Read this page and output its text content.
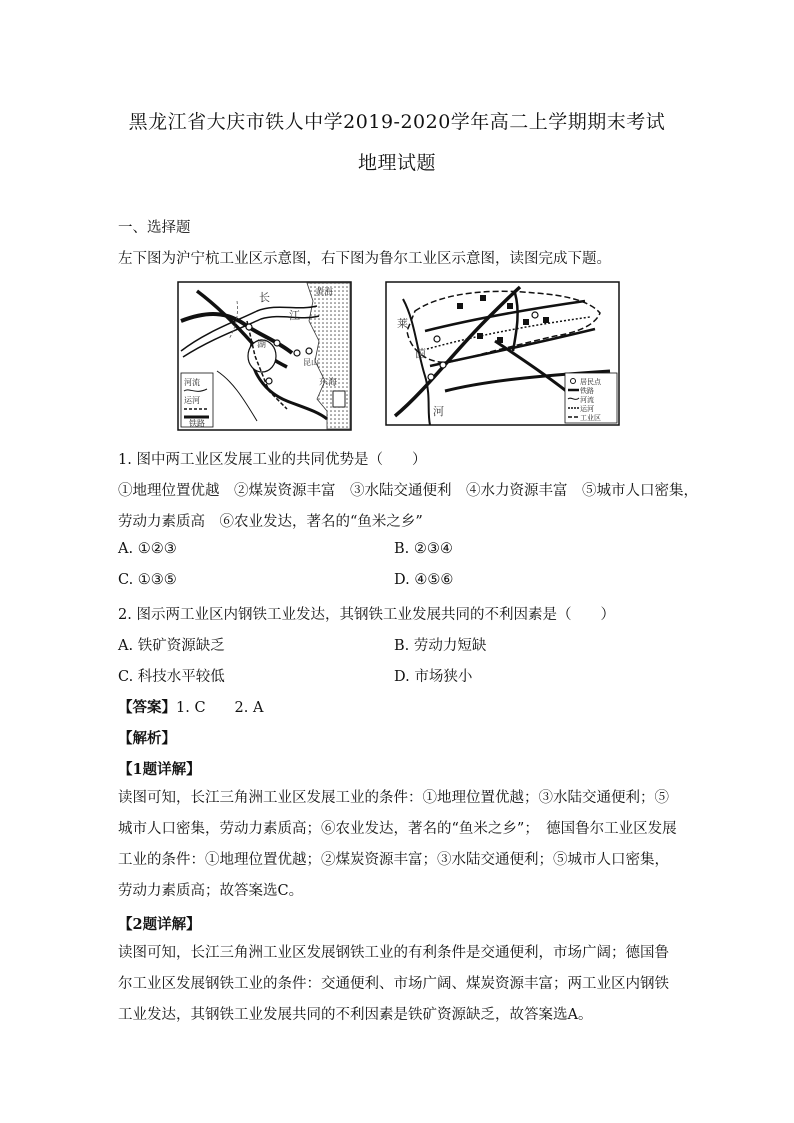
黑龙江省大庆市铁人中学2019-2020学年高二上学期期末考试
地理试题
一、选择题
左下图为沪宁杭工业区示意图，右下图为鲁尔工业区示意图，读图完成下题。
黄海
长
江
湖
东海
昆山
河流
运河
铁路
莱
茵
河
居民点
铁路
河流
运河
工业区
1. 图中两工业区发展工业的共同优势是（　　）
①地理位置优越　②煤炭资源丰富　③水陆交通便利　④水力资源丰富　⑤城市人口密集，
劳动力素质高　⑥农业发达，著名的“鱼米之乡”
A. ①②③	B. ②③④
C. ①③⑤	D. ④⑤⑥
2. 图示两工业区内钢铁工业发达，其钢铁工业发展共同的不利因素是（　　）
A. 铁矿资源缺乏	B. 劳动力短缺
C. 科技水平较低	D. 市场狭小
【答案】1. C　　2. A
【解析】
【1题详解】
读图可知，长江三角洲工业区发展工业的条件：①地理位置优越；③水陆交通便利；⑤城市人口密集，劳动力素质高；⑥农业发达，著名的“鱼米之乡”；　德国鲁尔工业区发展工业的条件：①地理位置优越；②煤炭资源丰富；③水陆交通便利；⑤城市人口密集，劳动力素质高；故答案选C。
【2题详解】
读图可知，长江三角洲工业区发展钢铁工业的有利条件是交通便利，市场广阔；德国鲁尔工业区发展钢铁工业的条件：交通便利、市场广阔、煤炭资源丰富；两工业区内钢铁工业发达，其钢铁工业发展共同的不利因素是铁矿资源缺乏，故答案选A。
